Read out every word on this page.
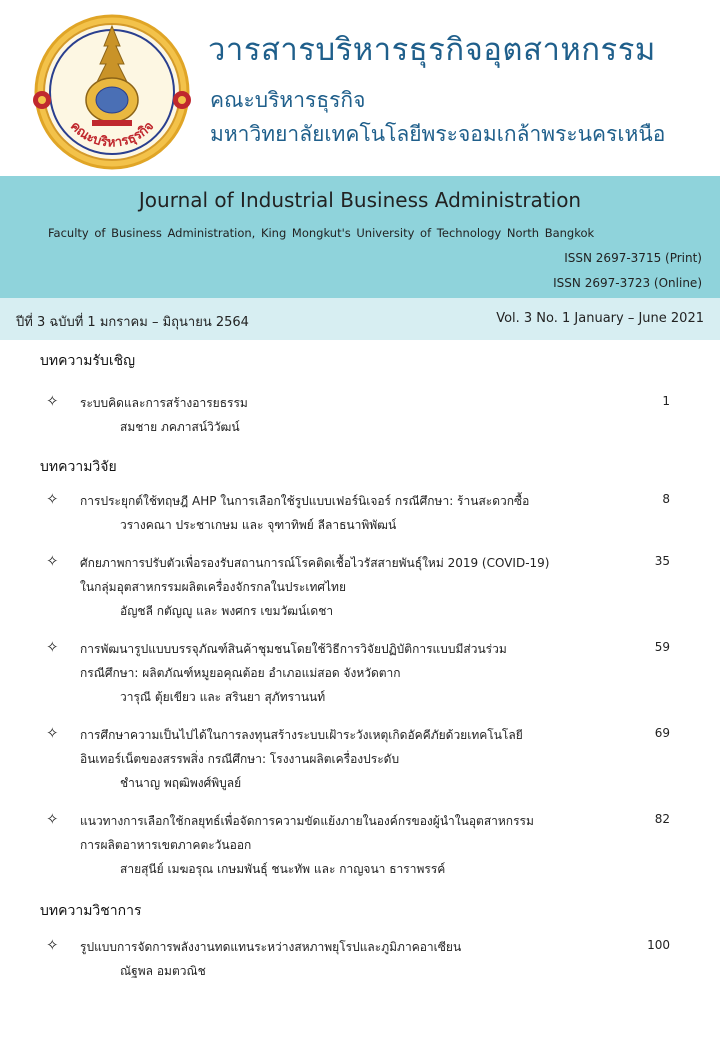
คณะบริหารธุรกิจ
วารสารบริหารธุรกิจอุตสาหกรรม
คณะบริหารธุรกิจ
มหาวิทยาลัยเทคโนโลยีพระจอมเกล้าพระนครเหนือ
Journal of Industrial Business Administration
Faculty of Business Administration, King Mongkut's University of Technology North Bangkok
ISSN 2697-3715 (Print)
ISSN 2697-3723 (Online)
ปีที่ 3 ฉบับที่ 1 มกราคม – มิถุนายน 2564	Vol. 3 No. 1 January – June 2021
บทความรับเชิญ
✧ ระบบคิดและการสร้างอารยธรรม
สมชาย ภคภาสน์วิวัฒน์
1
บทความวิจัย
✧ การประยุกต์ใช้ทฤษฎี AHP ในการเลือกใช้รูปแบบเฟอร์นิเจอร์ กรณีศึกษา: ร้านสะดวกซื้อ
วรางคณา ประชาเกษม และ จุฑาทิพย์ ลีลาธนาพิพัฒน์
8
✧ ศักยภาพการปรับตัวเพื่อรองรับสถานการณ์โรคติดเชื้อไวรัสสายพันธุ์ใหม่ 2019 (COVID-19)
ในกลุ่มอุตสาหกรรมผลิตเครื่องจักรกลในประเทศไทย
อัญชลี กตัญญู และ พงศกร เขมวัฒน์เดชา
35
✧ การพัฒนารูปแบบบรรจุภัณฑ์สินค้าชุมชนโดยใช้วิธีการวิจัยปฏิบัติการแบบมีส่วนร่วม
กรณีศึกษา: ผลิตภัณฑ์หมูยอคุณต้อย อำเภอแม่สอด จังหวัดตาก
วารุณี ตุ้ยเขียว และ สรินยา สุภัทรานนท์
59
✧ การศึกษาความเป็นไปได้ในการลงทุนสร้างระบบเฝ้าระวังเหตุเกิดอัคคีภัยด้วยเทคโนโลยี
อินเทอร์เน็ตของสรรพสิ่ง กรณีศึกษา: โรงงานผลิตเครื่องประดับ
ชำนาญ พฤฒิพงศ์พิบูลย์
69
✧ แนวทางการเลือกใช้กลยุทธ์เพื่อจัดการความขัดแย้งภายในองค์กรของผู้นำในอุตสาหกรรม
การผลิตอาหารเขตภาคตะวันออก
สายสุนีย์ เมฆอรุณ เกษมพันธุ์ ชนะทัพ และ กาญจนา ธาราพรรค์
82
บทความวิชาการ
✧ รูปแบบการจัดการพลังงานทดแทนระหว่างสหภาพยุโรปและภูมิภาคอาเซียน
ณัฐพล อมตวณิช
100
